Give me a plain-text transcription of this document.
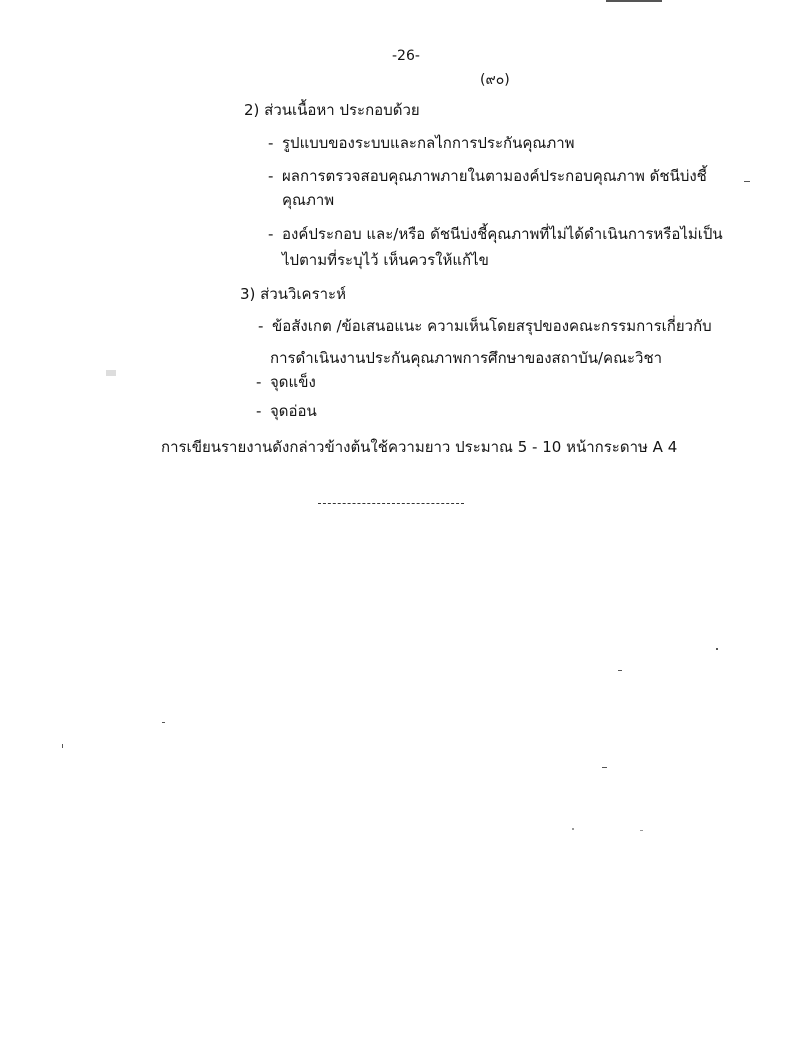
-26-
(๙๐)
2) ส่วนเนื้อหา ประกอบด้วย
- รูปแบบของระบบและกลไกการประกันคุณภาพ
- ผลการตรวจสอบคุณภาพภายในตามองค์ประกอบคุณภาพ ดัชนีบ่งชี้
คุณภาพ
- องค์ประกอบ และ/หรือ ดัชนีบ่งชี้คุณภาพที่ไม่ได้ดำเนินการหรือไม่เป็น
ไปตามที่ระบุไว้ เห็นควรให้แก้ไข
3) ส่วนวิเคราะห์
- ข้อสังเกต /ข้อเสนอแนะ ความเห็นโดยสรุปของคณะกรรมการเกี่ยวกับ
การดำเนินงานประกันคุณภาพการศึกษาของสถาบัน/คณะวิชา
- จุดแข็ง
- จุดอ่อน
การเขียนรายงานดังกล่าวข้างต้นใช้ความยาว ประมาณ 5 - 10 หน้ากระดาษ A 4
